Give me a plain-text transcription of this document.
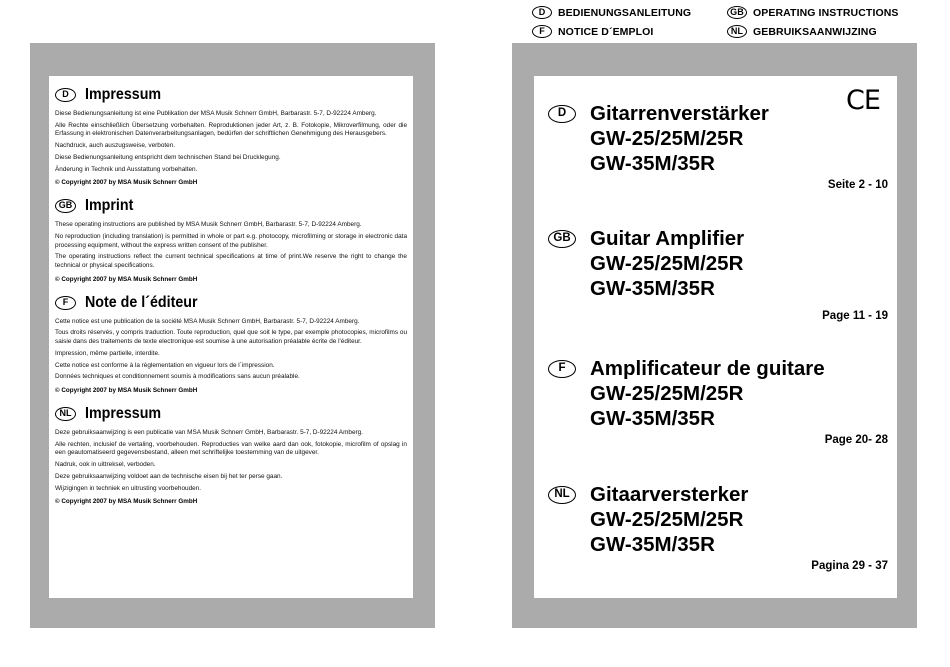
D	BEDIENUNGSANLEITUNG	GB OPERATING INSTRUCTIONS
F	NOTICE D´EMPLOI	NL GEBRUIKSAANWIJZING
D	Impressum

Diese Bedienungsanleitung ist eine Publikation der MSA Musik Schnerr GmbH, Barbarastr. 5-7, D-92224 Amberg.

Alle Rechte einschließlich Übersetzung vorbehalten. Reproduktionen jeder Art, z. B. Fotokopie, Mikroverfilmung, oder die Erfassung in elektronischen Datenverarbeitungsanlagen, bedürfen der schriftlichen Genehmigung des Herausgebers.

Nachdruck, auch auszugsweise, verboten.

Diese Bedienungsanleitung entspricht dem technischen Stand bei Drucklegung.

Änderung in Technik und Ausstattung vorbehalten.

© Copyright 2007 by MSA Musik Schnerr GmbH

GB Imprint

These operating instructions are published by MSA Musik Schnerr GmbH, Barbarastr. 5-7, D-92224 Amberg.

No reproduction (including translation) is permitted in whole or part e.g. photocopy, microfilming or storage in electronic data processing equipment, without the express written consent of the publisher.

The operating instructions reflect the current technical specifications at time of print.We reserve the right to change the technical or physical specifications.

© Copyright 2007 by MSA Musik Schnerr GmbH

F	Note de l´éditeur

Cette notice est une publication de la société MSA Musik Schnerr GmbH, Barbarastr. 5-7, D-92224 Amberg.

Tous droits réservés, y compris traduction. Toute reproduction, quel que soit le type, par exemple photocopies, microfilms ou saisie dans des traitements de texte electronique est soumise à une autorisation préalable écrite de l'éditeur.

Impression, même partielle, interdite.

Cette notice est conforme à la règlementation en vigueur lors de l´impression.

Données techniques et conditionnement soumis à modifications sans aucun préalable.

© Copyright 2007 by MSA Musik Schnerr GmbH

NL Impressum

Deze gebruiksaanwijzing is een publicatie van MSA Musik Schnerr GmbH, Barbarastr. 5-7, D-92224 Amberg.

Alle rechten, inclusief de vertaling, voorbehouden. Reproducties van welke aard dan ook, fotokopie, microfilm of opslag in een geautomatiseerd gegevensbestand, alleen met schriftelijke toestemming van de uitgever.

Nadruk, ook in uittreksel, verboden.

Deze gebruiksaanwijzing voldoet aan de technische eisen bij het ter perse gaan.

Wijzigingen in techniek en uitrusting voorbehouden.

© Copyright 2007 by MSA Musik Schnerr GmbH

CE
D	Gitarrenverstärker
GW-25/25M/25R
GW-35M/35R
Seite 2 - 10
GB Guitar Amplifier
GW-25/25M/25R
GW-35M/35R
Page 11 - 19
F	Amplificateur de guitare
GW-25/25M/25R
GW-35M/35R
Page 20- 28
NL Gitaarversterker
GW-25/25M/25R
GW-35M/35R
Pagina 29 - 37
